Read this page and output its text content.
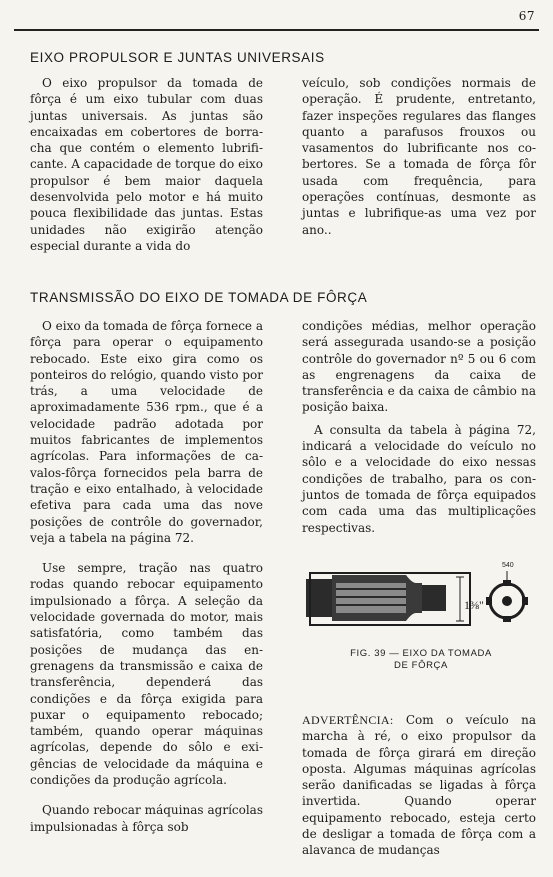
67
EIXO PROPULSOR E JUNTAS UNIVERSAIS

O eixo propulsor da tomada de fôrça é um eixo tubular com duas juntas universais. As juntas são encaixadas em cobertores de borracha que contém o elemento lubrificante. A capacidade de torque do eixo propulsor é bem maior daquela desenvolvida pelo motor e há muito pouca flexibilidade das juntas. Estas unidades não exigirão atenção especial durante a vida do

veículo, sob condições normais de operação. É prudente, entretanto, fazer inspeções regulares das flanges quanto a parafusos frouxos ou vasamentos do lubrificante nos cobertores. Se a tomada de fôrça fôr usada com frequência, para operações contínuas, desmonte as juntas e lubrifique-as uma vez por ano..

TRANSMISSÃO DO EIXO DE TOMADA DE FÔRÇA

O eixo da tomada de fôrça fornece a fôrça para operar o equipamento rebocado. Este eixo gira como os ponteiros do relógio, quando visto por trás, a uma velocidade de aproximadamente 536 rpm., que é a velocidade padrão adotada por muitos fabricantes de implementos agrícolas. Para informações de cavalos-fôrça fornecidos pela barra de tração e eixo entalhado, à velocidade efetiva para cada uma das nove posições de contrôle do governador, veja a tabela na página 72.

Use sempre, tração nas quatro rodas quando rebocar equipamento impulsionado a fôrça. A seleção da velocidade governada do motor, mais satisfatória, como também das posições de mudança das engrenagens da transmissão e caixa de transferência, dependerá das condições e da fôrça exigida para puxar o equipamento rebocado; também, quando operar máquinas agrícolas, depende do sôlo e exigências de velocidade da máquina e condições da produção agrícola.

Quando rebocar máquinas agrícolas impulsionadas à fôrça sob

condições médias, melhor operação será assegurada usando-se a posição contrôle do governador nº 5 ou 6 com as engrenagens da caixa de transferência e da caixa de câmbio na posição baixa.

A consulta da tabela à página 72, indicará a velocidade do veículo no sôlo e a velocidade do eixo nessas condições de trabalho, para os conjuntos de tomada de fôrça equipados com cada uma das multiplicações respectivas.

1⅜"
540
FIG. 39 — EIXO DA TOMADA
DE FÔRÇA

ADVERTÊNCIA: Com o veículo na marcha à ré, o eixo propulsor da tomada de fôrça girará em direção oposta. Algumas máquinas agrícolas serão danificadas se ligadas à fôrça invertida. Quando operar equipamento rebocado, esteja certo de desligar a tomada de fôrça com a alavanca de mudanças
